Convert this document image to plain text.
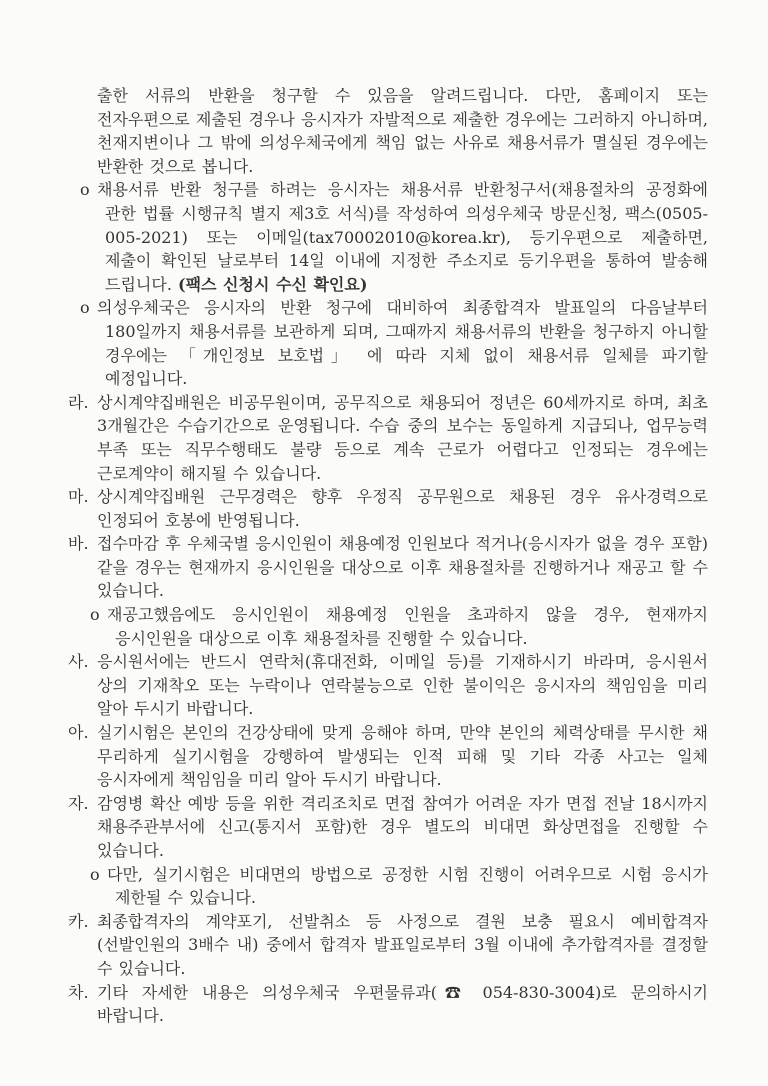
출한 서류의 반환을 청구할 수 있음을 알려드립니다. 다만, 홈페이지 또는 전자우편으로 제출된 경우나 응시자가 자발적으로 제출한 경우에는 그러하지 아니하며, 천재지변이나 그 밖에 의성우체국에게 책임 없는 사유로 채용서류가 멸실된 경우에는 반환한 것으로 봅니다.

o 채용서류 반환 청구를 하려는 응시자는 채용서류 반환청구서(채용절차의 공정화에 관한 법률 시행규칙 별지 제3호 서식)를 작성하여 의성우체국 방문신청, 팩스(0505-005-2021) 또는 이메일(tax70002010@korea.kr), 등기우편으로 제출하면, 제출이 확인된 날로부터 14일 이내에 지정한 주소지로 등기우편을 통하여 발송해 드립니다. (팩스 신청시 수신 확인요)

o 의성우체국은 응시자의 반환 청구에 대비하여 최종합격자 발표일의 다음날부터 180일까지 채용서류를 보관하게 되며, 그때까지 채용서류의 반환을 청구하지 아니할 경우에는 「개인정보 보호법」 에 따라 지체 없이 채용서류 일체를 파기할 예정입니다.

라. 상시계약집배원은 비공무원이며, 공무직으로 채용되어 정년은 60세까지로 하며, 최초 3개월간은 수습기간으로 운영됩니다. 수습 중의 보수는 동일하게 지급되나, 업무능력 부족 또는 직무수행태도 불량 등으로 계속 근로가 어렵다고 인정되는 경우에는 근로계약이 해지될 수 있습니다.

마. 상시계약집배원 근무경력은 향후 우정직 공무원으로 채용된 경우 유사경력으로 인정되어 호봉에 반영됩니다.

바. 접수마감 후 우체국별 응시인원이 채용예정 인원보다 적거나(응시자가 없을 경우 포함) 같을 경우는 현재까지 응시인원을 대상으로 이후 채용절차를 진행하거나 재공고 할 수 있습니다.

o 재공고했음에도 응시인원이 채용예정 인원을 초과하지 않을 경우, 현재까지 응시인원을 대상으로 이후 채용절차를 진행할 수 있습니다.

사. 응시원서에는 반드시 연락처(휴대전화, 이메일 등)를 기재하시기 바라며, 응시원서 상의 기재착오 또는 누락이나 연락불능으로 인한 불이익은 응시자의 책임임을 미리 알아 두시기 바랍니다.

아. 실기시험은 본인의 건강상태에 맞게 응해야 하며, 만약 본인의 체력상태를 무시한 채 무리하게 실기시험을 강행하여 발생되는 인적 피해 및 기타 각종 사고는 일체 응시자에게 책임임을 미리 알아 두시기 바랍니다.

자. 감영병 확산 예방 등을 위한 격리조치로 면접 참여가 어려운 자가 면접 전날 18시까지 채용주관부서에 신고(통지서 포함)한 경우 별도의 비대면 화상면접을 진행할 수 있습니다.

o 다만, 실기시험은 비대면의 방법으로 공정한 시험 진행이 어려우므로 시험 응시가 제한될 수 있습니다.

카. 최종합격자의 계약포기, 선발취소 등 사정으로 결원 보충 필요시 예비합격자(선발인원의 3배수 내) 중에서 합격자 발표일로부터 3월 이내에 추가합격자를 결정할 수 있습니다.

차. 기타 자세한 내용은 의성우체국 우편물류과(☎ 054-830-3004)로 문의하시기 바랍니다.
